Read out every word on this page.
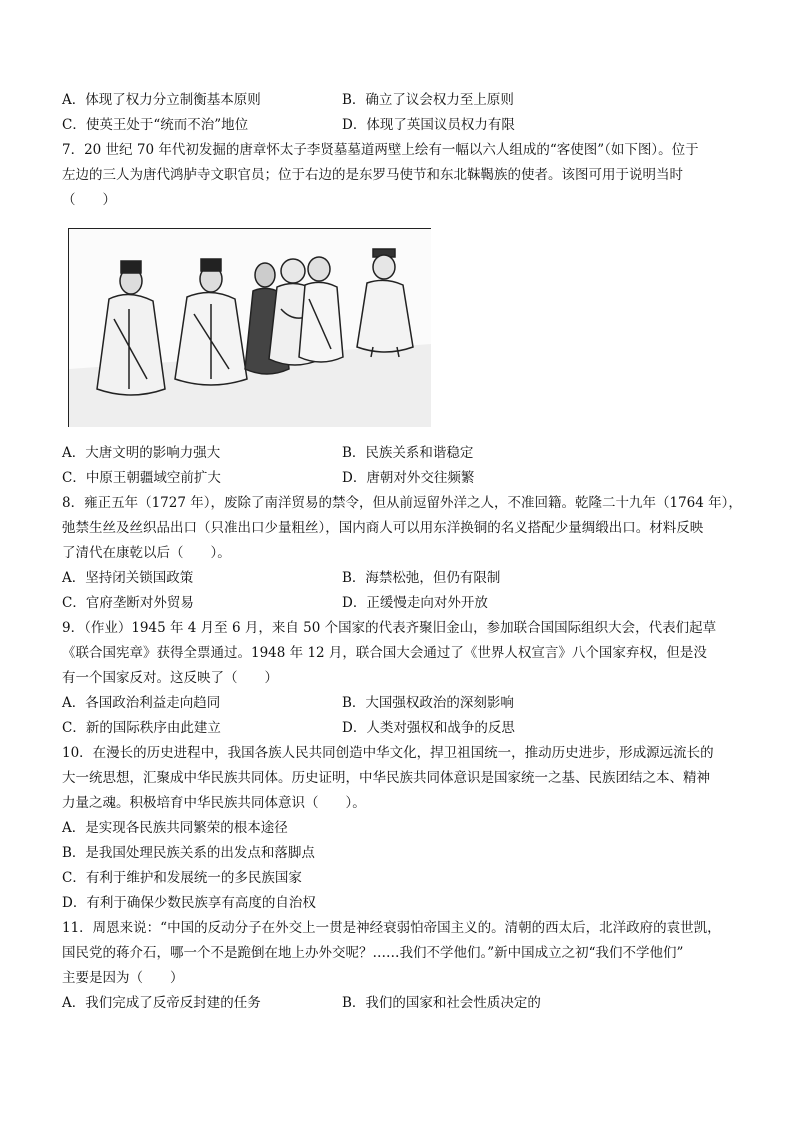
A．体现了权力分立制衡基本原则	B．确立了议会权力至上原则
C．使英王处于“统而不治”地位	D．体现了英国议员权力有限
7．20 世纪 70 年代初发掘的唐章怀太子李贤墓墓道两壁上绘有一幅以六人组成的“客使图”（如下图）。位于
左边的三人为唐代鸿胪寺文职官员；位于右边的是东罗马使节和东北靺鞨族的使者。该图可用于说明当时
（　　）
A．大唐文明的影响力强大	B．民族关系和谐稳定
C．中原王朝疆域空前扩大	D．唐朝对外交往频繁
8．雍正五年（1727 年），废除了南洋贸易的禁令，但从前逗留外洋之人，不准回籍。乾隆二十九年（1764 年），
弛禁生丝及丝织品出口（只准出口少量粗丝），国内商人可以用东洋换铜的名义搭配少量绸缎出口。材料反映
了清代在康乾以后（　　）。
A．坚持闭关锁国政策	B．海禁松弛，但仍有限制
C．官府垄断对外贸易	D．正缓慢走向对外开放
9．（作业）1945 年 4 月至 6 月，来自 50 个国家的代表齐聚旧金山，参加联合国国际组织大会，代表们起草
《联合国宪章》获得全票通过。1948 年 12 月，联合国大会通过了《世界人权宣言》八个国家弃权，但是没
有一个国家反对。这反映了（　　）
A．各国政治利益走向趋同	B．大国强权政治的深刻影响
C．新的国际秩序由此建立	D．人类对强权和战争的反思
10．在漫长的历史进程中，我国各族人民共同创造中华文化，捍卫祖国统一，推动历史进步，形成源远流长的
大一统思想，汇聚成中华民族共同体。历史证明，中华民族共同体意识是国家统一之基、民族团结之本、精神
力量之魂。积极培育中华民族共同体意识（　　）。
A．是实现各民族共同繁荣的根本途径
B．是我国处理民族关系的出发点和落脚点
C．有利于维护和发展统一的多民族国家
D．有利于确保少数民族享有高度的自治权
11．周恩来说：“中国的反动分子在外交上一贯是神经衰弱怕帝国主义的。清朝的西太后，北洋政府的袁世凯，
国民党的蒋介石，哪一个不是跪倒在地上办外交呢？……我们不学他们。”新中国成立之初“我们不学他们”
主要是因为（　　）
A．我们完成了反帝反封建的任务	B．我们的国家和社会性质决定的
